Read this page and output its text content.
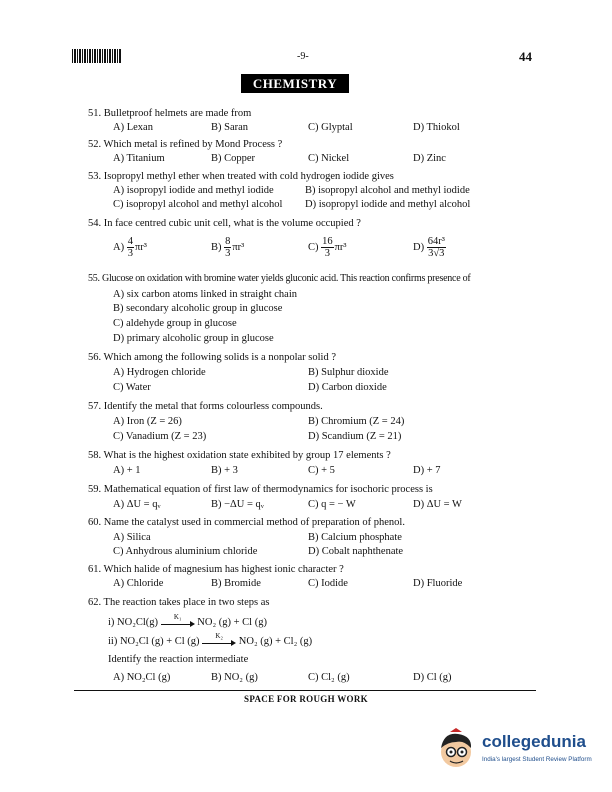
-9-	44
CHEMISTRY
51. Bulletproof helmets are made from
A) Lexan	B) Saran	C) Glyptal	D) Thiokol
52. Which metal is refined by Mond Process ?
A) Titanium	B) Copper	C) Nickel	D) Zinc
53. Isopropyl methyl ether when treated with cold hydrogen iodide gives
A) isopropyl iodide and methyl iodide	B) isopropyl alcohol and methyl iodide
C) isopropyl alcohol and methyl alcohol D) isopropyl iodide and methyl alcohol
54. In face centred cubic unit cell, what is the volume occupied ?
$A) \frac{4}{3} \pi r^3$	$B) \frac{8}{3} \pi r^3$	$C) \frac{16}{3} \pi r^3$	$D) \frac{\text{64r³}}{3√3}$
55. Glucose on oxidation with bromine water yields gluconic acid. This reaction confirms presence of
A) six carbon atoms linked in straight chain
B) secondary alcoholic group in glucose
C) aldehyde group in glucose
D) primary alcoholic group in glucose
56. Which among the following solids is a nonpolar solid ?
A) Hydrogen chloride	B) Sulphur dioxide
C) Water	D) Carbon dioxide
57. Identify the metal that forms colourless compounds.
A) Iron (Z = 26)	B) Chromium (Z = 24)
C) Vanadium (Z = 23)	D) Scandium (Z = 21)
58. What is the highest oxidation state exhibited by group 17 elements ?
A) + 1	B) + 3	C) + 5	D) + 7
59. Mathematical equation of first law of thermodynamics for isochoric process is
A) ΔU = qᵥ	B) −ΔU = qᵥ	C) q = − W	D) ΔU = W
60. Name the catalyst used in commercial method of preparation of phenol.
A) Silica	B) Calcium phosphate
C) Anhydrous aluminium chloride	D) Cobalt naphthenate
61. Which halide of magnesium has highest ionic character ?
A) Chloride	B) Bromide	C) Iodide	D) Fluoride
62. The reaction takes place in two steps as
i) NO₂Cl(g)
K₁
NO₂ (g) + Cl (g)
ii) NO₂Cl (g) + Cl (g)
K₂
NO₂ (g) + Cl₂ (g)
Identify the reaction intermediate
A) NO₂Cl (g)	B) NO₂ (g)	C) Cl₂ (g)	D) Cl (g)
SPACE FOR ROUGH WORK
collegedunia
India's largest Student Review Platform
